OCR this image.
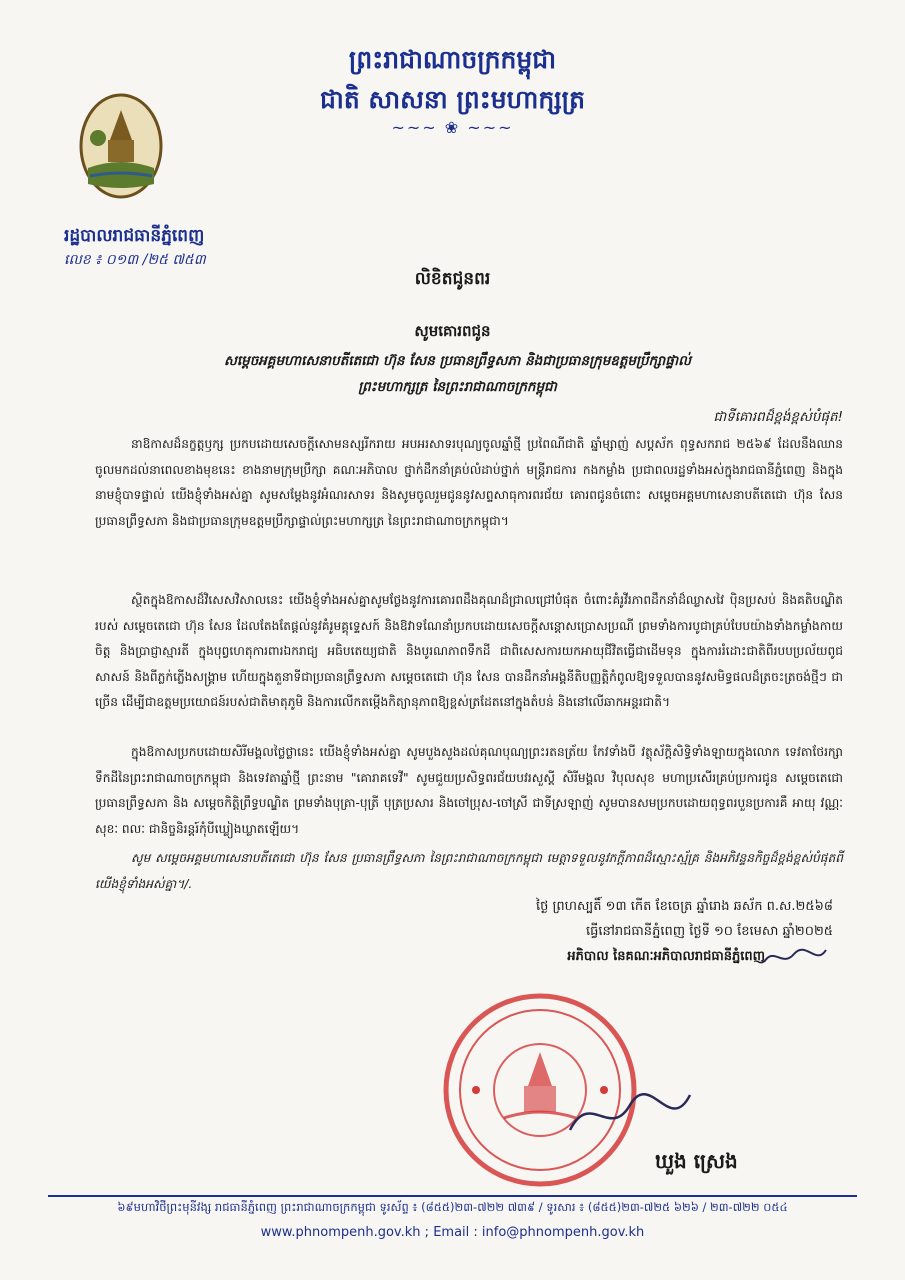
ព្រះរាជាណាចក្រកម្ពុជា
ជាតិ សាសនា ព្រះមហាក្សត្រ
~~~ ❀ ~~~
រដ្ឋបាលរាជធានីភ្នំពេញ
លេខ ៖ ០១៣ /២៥ ៧៥៣
លិខិតជូនពរ
សូមគោរពជូន
សម្តេចអគ្គមហាសេនាបតីតេជោ ហ៊ុន សែន ប្រធានព្រឹទ្ធសភា និងជាប្រធានក្រុមឧត្តមប្រឹក្សាផ្ទាល់
ព្រះមហាក្សត្រ នៃព្រះរាជាណាចក្រកម្ពុជា
ជាទីគោរពដ៏ខ្ពង់ខ្ពស់បំផុត!
នាឱកាសដ៏នក្ខត្តឫក្ស ប្រកបដោយសេចក្តីសោមនស្សរីករាយ អបអរសាទរបុណ្យចូលឆ្នាំថ្មី ប្រពៃណីជាតិ ឆ្នាំម្សាញ់ សប្តស័ក ពុទ្ធសករាជ ២៥៦៩ ដែលនឹងឈានចូលមកដល់នាពេលខាងមុខនេះ ខាងនាមក្រុមប្រឹក្សា គណៈអភិបាល ថ្នាក់ដឹកនាំគ្រប់លំដាប់ថ្នាក់ មន្ត្រីរាជការ កងកម្លាំង ប្រជាពលរដ្ឋទាំងអស់ក្នុងរាជធានីភ្នំពេញ និងក្នុងនាមខ្ញុំបាទផ្ទាល់ យើងខ្ញុំទាំងអស់គ្នា សូមសម្តែងនូវអំណរសាទរ និងសូមចូលរួមជូននូវសព្ទសាធុការពរជ័យ គោរពជូនចំពោះ សម្តេចអគ្គមហាសេនាបតីតេជោ ហ៊ុន សែន ប្រធានព្រឹទ្ធសភា និងជាប្រធានក្រុមឧត្តមប្រឹក្សាផ្ទាល់ព្រះមហាក្សត្រ នៃព្រះរាជាណាចក្រកម្ពុជា។
ស្ថិតក្នុងឱកាសដ៏វិសេសវិសាលនេះ យើងខ្ញុំទាំងអស់គ្នាសូមថ្លែងនូវការគោរពដឹងគុណដ៏ជ្រាលជ្រៅបំផុត ចំពោះគំរូវីរភាពដឹកនាំដ៏ឈ្លាសវៃ ប៉ិនប្រសប់ និងគតិបណ្ឌិតរបស់ សម្តេចតេជោ ហ៊ុន សែន ដែលតែងតែផ្តល់នូវគំរូមគ្គុទ្ទេសក៍ និងឱវាទណែនាំប្រកបដោយសេចក្តីសន្តោសប្រោសប្រណី ព្រមទាំងការបូជាគ្រប់បែបយ៉ាងទាំងកម្លាំងកាយ ចិត្ត និងប្រាជ្ញាស្មារតី ក្នុងបុព្វហេតុការពារឯករាជ្យ អធិបតេយ្យជាតិ និងបូរណភាពទឹកដី ជាពិសេសការយកអាយុជីវិតធ្វើជាដើមទុន ក្នុងការរំដោះជាតិពីរបបប្រល័យពូជសាសន៍ និងពីភ្លក់ភ្លើងសង្គ្រាម ហើយក្នុងតួនាទីជាប្រធានព្រឹទ្ធសភា សម្តេចតេជោ ហ៊ុន សែន បានដឹកនាំអង្គនីតិបញ្ញត្តិកំពូលឱ្យទទួលបាននូវសមិទ្ធផលដ៏ត្រចះត្រចង់ថ្មីៗ ជាច្រើន ដើម្បីជាឧត្តមប្រយោជន៍របស់ជាតិមាតុភូមិ និងការលើកតម្កើងកិត្យានុភាពឱ្យខ្ពស់ត្រដែតនៅក្នុងតំបន់ និងនៅលើឆាកអន្តរជាតិ។
ក្នុងឱកាសប្រកបដោយសិរីមង្គលថ្លៃថ្លានេះ យើងខ្ញុំទាំងអស់គ្នា សូមបួងសួងដល់គុណបុណ្យព្រះរតនត្រ័យ កែវទាំងបី វត្ថុស័ក្តិសិទ្ធិទាំងឡាយក្នុងលោក ទេវតាថែរក្សាទឹកដីនៃព្រះរាជាណាចក្រកម្ពុជា និងទេវតាឆ្នាំថ្មី ព្រះនាម "គោរាគទេវី" សូមជួយប្រសិទ្ធពរជ័យបវរសួស្តី សិរីមង្គល វិបុលសុខ មហាប្រសើរគ្រប់ប្រការជូន សម្តេចតេជោប្រធានព្រឹទ្ធសភា និង សម្តេចកិត្តិព្រឹទ្ធបណ្ឌិត ព្រមទាំងបុត្រា-បុត្រី បុត្រប្រសារ និងចៅប្រុស-ចៅស្រី ជាទីស្រឡាញ់ សូមបានសមប្រកបដោយពុទ្ធពរបួនប្រការគឺ អាយុ វណ្ណៈ សុខៈ ពលៈ ជានិច្ចនិរន្តរ៍កុំបីឃ្លៀងឃ្លាតឡើយ។
សូម សម្តេចអគ្គមហាសេនាបតីតេជោ ហ៊ុន សែន ប្រធានព្រឹទ្ធសភា នៃព្រះរាជាណាចក្រកម្ពុជា មេត្តាទទួលនូវភក្តីភាពដ៏ស្មោះស្ម័គ្រ និងអភិវន្ទនកិច្ចដ៏ខ្ពង់ខ្ពស់បំផុតពីយើងខ្ញុំទាំងអស់គ្នា។/.
ថ្ងៃ ព្រហស្បតិ៍ ១៣ កើត ខែចេត្រ ឆ្នាំរោង ឆស័ក ព.ស.២៥៦៨
ធ្វើនៅរាជធានីភ្នំពេញ ថ្ងៃទី ១០ ខែមេសា ឆ្នាំ២០២៥
អភិបាល នៃគណៈអភិបាលរាជធានីភ្នំពេញ
ឃួង ស្រេង
៦៩មហាវិថីព្រះមុនីវង្ស រាជធានីភ្នំពេញ ព្រះរាជាណាចក្រកម្ពុជា ទូរស័ព្ទ ៖ (៨៥៥)២៣-៧២២ ៧៣៩ / ទូរសារ ៖ (៨៥៥)២៣-៧២៥ ៦២៦ / ២៣-៧២២ ០៥៤
www.phnompenh.gov.kh ; Email : info@phnompenh.gov.kh
